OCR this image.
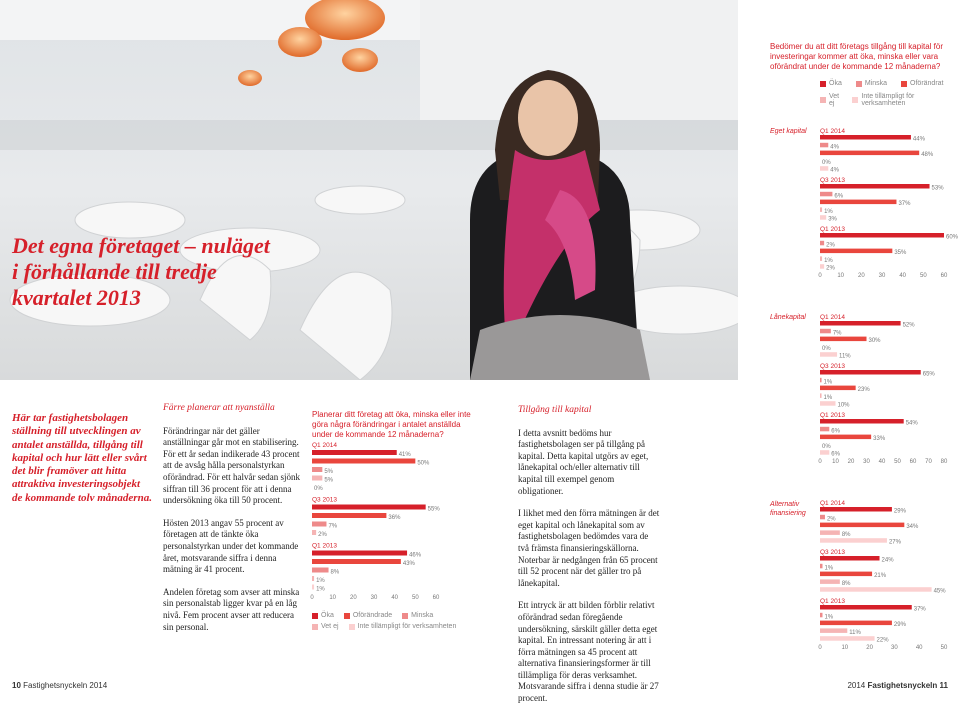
Bedömer du att ditt företags tillgång till kapital för investeringar kommer att öka, minska eller vara oförändrat under de kommande 12 månaderna?
Öka	Minska	Oförändrat
Vet ej
Inte tillämpligt för verksamheten
Det egna företaget – nuläget
i förhållande till tredje
kvartalet 2013
Här tar fastighetsbolagen ställning till utvecklingen av antalet anställda, tillgång till kapital och hur lätt eller svårt det blir framöver att hitta attraktiva investeringsobjekt de kommande tolv månaderna.

Färre planerar att nyanställa

Förändringar när det gäller anställningar går mot en stabilisering. För ett år sedan indikerade 43 procent att de avsåg hålla personalstyrkan oförändrad. För ett halvår sedan sjönk siffran till 36 procent för att i denna undersökning öka till 50 procent.

Hösten 2013 angav 55 procent av företagen att de tänkte öka personalstyrkan under det kommande året, motsvarande siffra i denna mätning är 41 procent.

Andelen företag som avser att minska sin personalstab ligger kvar på en låg nivå. Fem procent avser att reducera sin personal.

Planerar ditt företag att öka, minska eller inte göra några förändringar i antalet anställda under de kommande 12 månaderna?

Tillgång till kapital

I detta avsnitt bedöms hur fastighetsbolagen ser på tillgång på kapital. Detta kapital utgörs av eget, lånekapital och/eller alternativ till kapital till exempel genom obligationer.

I likhet med den förra mätningen är det eget kapital och lånekapital som av fastighetsbolagen bedömdes vara de två främsta finansieringskällorna. Noterbar är nedgången från 65 procent till 52 procent när det gäller tro på lånekapital.

Ett intryck är att bilden förblir relativt oförändrad sedan föregående undersökning, särskilt gäller detta eget kapital. En intressant notering är att i förra mätningen sa 45 procent att alternativa finansieringsformer är till tillämpliga för deras verksamhet. Motsvarande siffra i denna studie är 27 procent.

Q1 2014
41%
50%
5%
5%
0%
Q3 2013
55%
36%
7%
2%
Q1 2013
46%
43%
8%
1%
1%
0	10 20 30 40 50 60
Öka	Oförändrade	Minska
Vet ej	Inte tillämpligt för verksamheten
Eget kapital Q1 2014
44%
4%
48%
0%
4%
Q3 2013
53%
6%
37%
1%
3%
Q1 2013
60%
2%
35%
1%
2%
0	10 20 30 40 50 60
Lånekapital Q1 2014
52%
7%
30%
0%
11%
Q3 2013
65%
1%
23%
1%
10%
Q1 2013
54%
6%
33%
0%
6%
0 10 20 30 40 50 60 70 80
Alternativ finansiering
Q1 2014
29%
2%
34%
8%
27%
Q3 2013
24%
1%
21%
8%
45%
Q1 2013
37%
1%
29%
11%
22%
0	10	20	30	40	50
10 Fastighetsnyckeln 2014	2014 Fastighetsnyckeln 11
